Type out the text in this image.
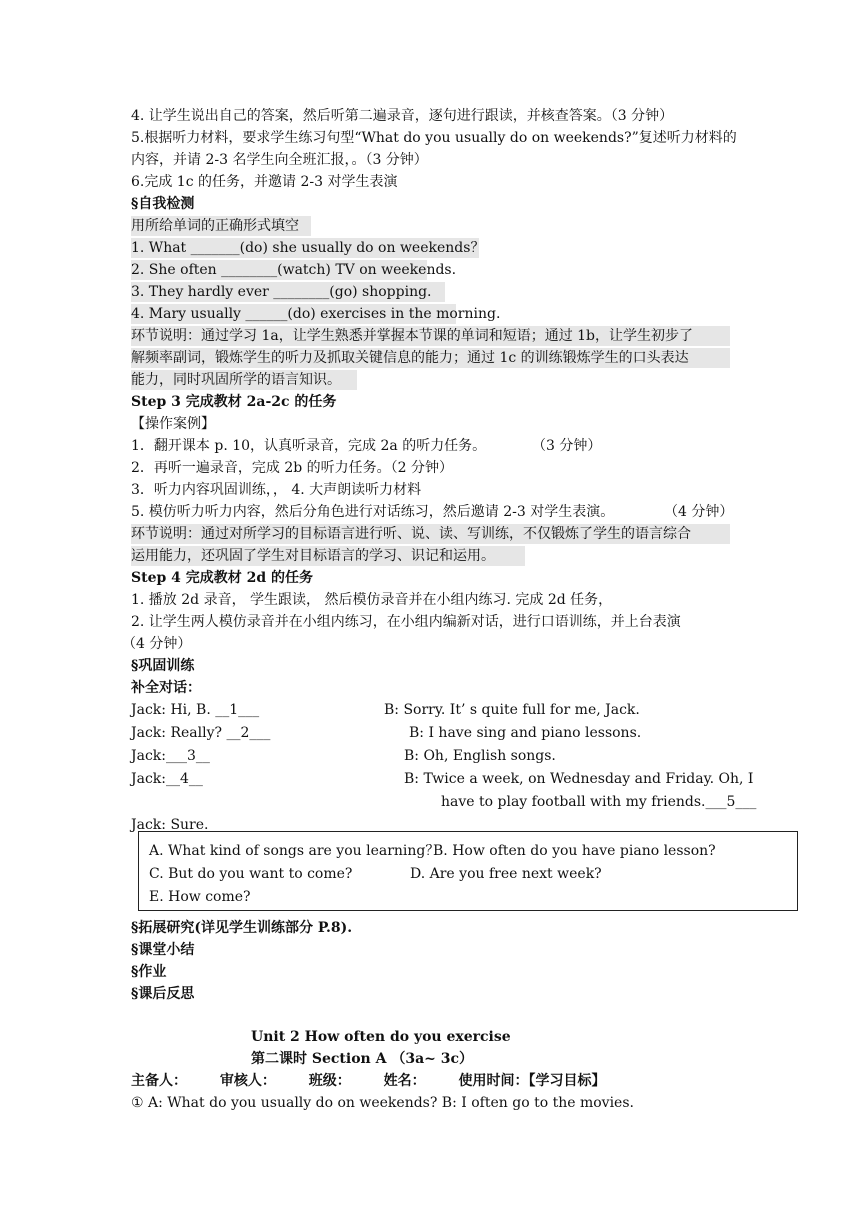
4. 让学生说出自己的答案，然后听第二遍录音，逐句进行跟读，并核查答案。（3 分钟）
5.根据听力材料，要求学生练习句型“What do you usually do on weekends?”复述听力材料的
内容，并请 2-3 名学生向全班汇报，。（3 分钟）
6.完成 1c 的任务，并邀请 2-3 对学生表演
§自我检测
用所给单词的正确形式填空
1. What _______(do) she usually do on weekends？
2. She often ________(watch) TV on weekends.
3. They hardly ever ________(go) shopping.
4. Mary usually ______(do) exercises in the morning.
环节说明：通过学习 1a，让学生熟悉并掌握本节课的单词和短语；通过 1b，让学生初步了
解频率副词，锻炼学生的听力及抓取关键信息的能力；通过 1c 的训练锻炼学生的口头表达
能力，同时巩固所学的语言知识。
Step 3 完成教材 2a-2c 的任务
【操作案例】
1．翻开课本 p. 10，认真听录音，完成 2a 的听力任务。	（3 分钟）
2．再听一遍录音，完成 2b 的听力任务。（2 分钟）
3．听力内容巩固训练，， 4. 大声朗读听力材料
5. 模仿听力听力内容，然后分角色进行对话练习，然后邀请 2-3 对学生表演。	（4 分钟）
环节说明：通过对所学习的目标语言进行听、说、读、写训练，不仅锻炼了学生的语言综合
运用能力，还巩固了学生对目标语言的学习、识记和运用。
Step 4 完成教材 2d 的任务
1. 播放 2d 录音， 学生跟读， 然后模仿录音并在小组内练习. 完成 2d 任务，
2. 让学生两人模仿录音并在小组内练习，在小组内编新对话，进行口语训练，并上台表演
（4 分钟）
§巩固训练
补全对话：
Jack: Hi, B. __1___	B: Sorry. It’ s quite full for me, Jack.
Jack: Really? __2___	B: I have sing and piano lessons.
Jack:___3__	B: Oh, English songs.
Jack:__4__	B: Twice a week, on Wednesday and Friday. Oh, I
have to play football with my friends.___5___
Jack: Sure.
A. What kind of songs are you learning？
B. How often do you have piano lesson?
C. But do you want to come?	D. Are you free next week?
E. How come?
§拓展研究(详见学生训练部分 P.8).
§课堂小结
§作业
§课后反思
Unit 2 How often do you exercise
第二课时 Section A （3a~ 3c）
主备人： 审核人： 班级： 姓名： 使用时间：【学习目标】
① A: What do you usually do on weekends? B: I often go to the movies.
